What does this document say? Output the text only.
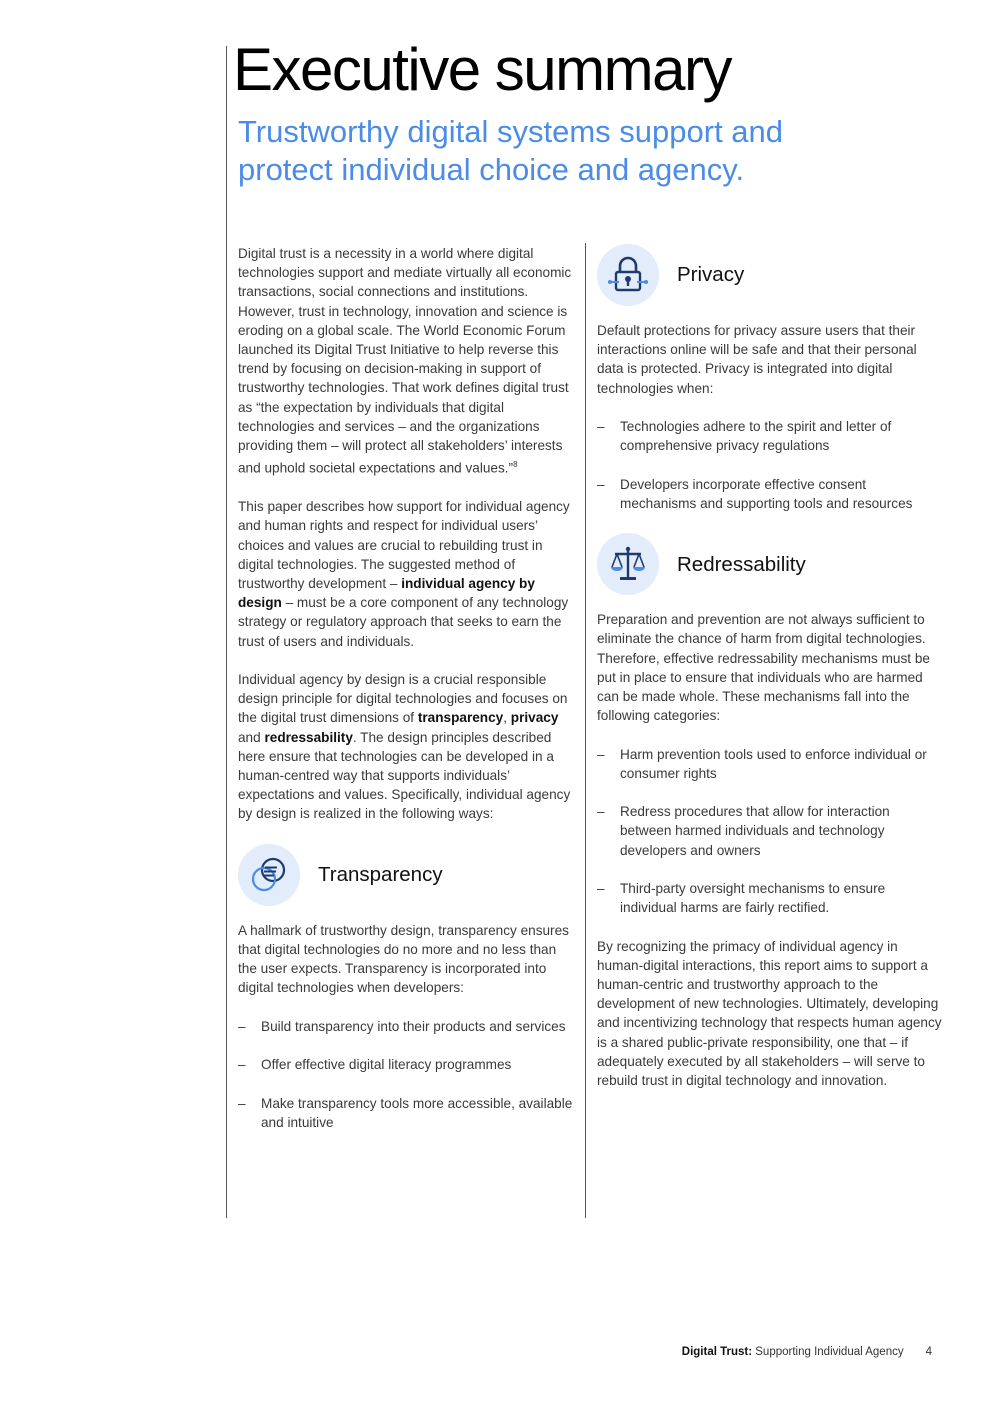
Executive summary
Trustworthy digital systems support and protect individual choice and agency.

Digital trust is a necessity in a world where digital technologies support and mediate virtually all economic transactions, social connections and institutions. However, trust in technology, innovation and science is eroding on a global scale. The World Economic Forum launched its Digital Trust Initiative to help reverse this trend by focusing on decision-making in support of trustworthy technologies. That work defines digital trust as “the expectation by individuals that digital technologies and services – and the organizations providing them – will protect all stakeholders’ interests and uphold societal expectations and values.”$^8$

This paper describes how support for individual agency and human rights and respect for individual users’ choices and values are crucial to rebuilding trust in digital technologies. The suggested method of trustworthy development – individual agency by design – must be a core component of any technology strategy or regulatory approach that seeks to earn the trust of users and individuals.

Individual agency by design is a crucial responsible design principle for digital technologies and focuses on the digital trust dimensions of transparency, privacy and redressability. The design principles described here ensure that technologies can be developed in a human-centred way that supports individuals’ expectations and values. Specifically, individual agency by design is realized in the following ways:

Transparency

A hallmark of trustworthy design, transparency ensures that digital technologies do no more and no less than the user expects. Transparency is incorporated into digital technologies when developers:

– Build transparency into their products and services
– Offer effective digital literacy programmes
– Make transparency tools more accessible, available and intuitive
Privacy

Default protections for privacy assure users that their interactions online will be safe and that their personal data is protected. Privacy is integrated into digital technologies when:

– Technologies adhere to the spirit and letter of comprehensive privacy regulations
– Developers incorporate effective consent mechanisms and supporting tools and resources
Redressability

Preparation and prevention are not always sufficient to eliminate the chance of harm from digital technologies. Therefore, effective redressability mechanisms must be put in place to ensure that individuals who are harmed can be made whole. These mechanisms fall into the following categories:

– Harm prevention tools used to enforce individual or consumer rights
– Redress procedures that allow for interaction between harmed individuals and technology developers and owners
– Third-party oversight mechanisms to ensure individual harms are fairly rectified.

By recognizing the primacy of individual agency in human-digital interactions, this report aims to support a human-centric and trustworthy approach to the development of new technologies. Ultimately, developing and incentivizing technology that respects human agency is a shared public-private responsibility, one that – if adequately executed by all stakeholders – will serve to rebuild trust in digital technology and innovation.

Digital Trust: Supporting Individual Agency 4
